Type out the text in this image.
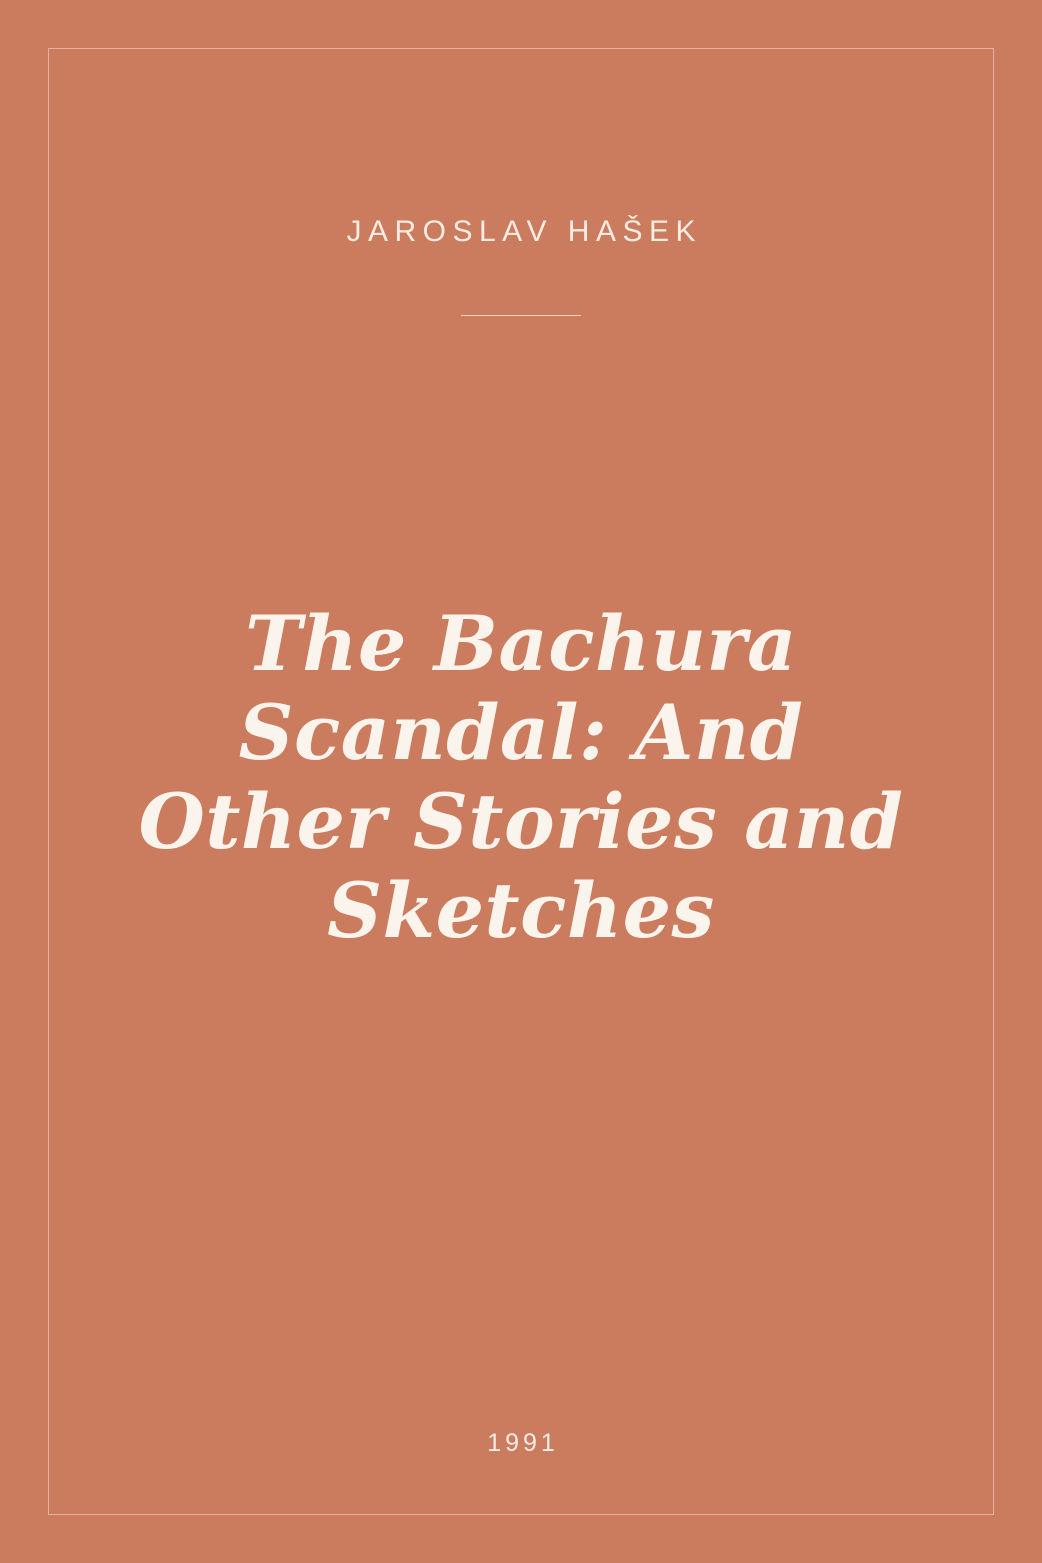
JAROSLAV HAŠEK
The Bachura Scandal: And Other Stories and Sketches
1991
